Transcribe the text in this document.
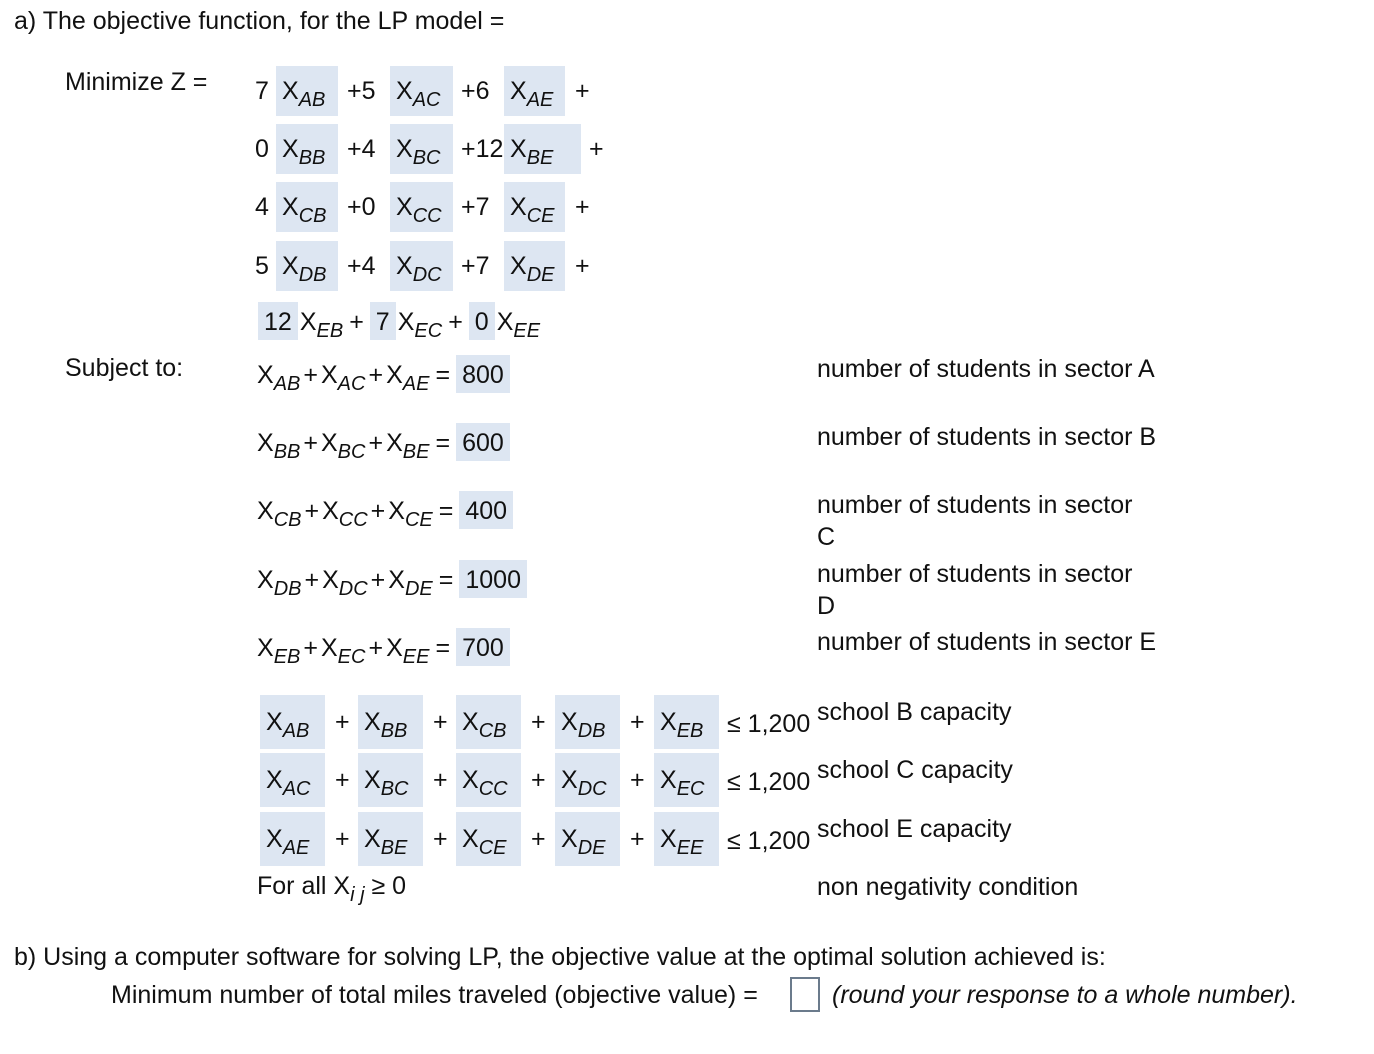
a) The objective function, for the LP model =
Minimize Z =
Subject to:
7 $X_{AB} +5$ $X_{AC} +6$ $X_{AE}$ +
0 $X_{BB} +4$ $X_{BC} +12$ $X_{BE}$	+
4 $X_{CB} +0$ $X_{CC} +7$ $X_{CE}$ +
5 $X_{DB} +4$ $X_{DC} +7$ $X_{DE}$ +
12 $X_{EB} + 7$ $X_{EC} + 0$ $X_{EE}$
$X_{AB} + X_{AC} + X_{AE} = 800$	number of students in sector A
$X_{BB} + X_{BC} + X_{BE} = 600$	number of students in sector B
$X_{CB} + X_{CC} + X_{CE} = 400$	number of students in sector C
$X_{DB} + X_{DC} + X_{DE} = 1000$	number of students in sector D
$X_{EB} + X_{EC} + X_{EE} = 700$	number of students in sector E
$X_{AB}$	+ $X_{BB}$	+ $X_{CB} + X_{DB} + X_{EB} \le 1,200$ school B capacity
$X_{AC} + X_{BC} + X_{CC} + X_{DC} + X_{EC} \le 1,200$ school C capacity
$X_{AE}$	+ $X_{BE}$	+ $X_{CE} + X_{DE} + X_{EE} \le 1,200$ school E capacity
For all $X_{i j} \ge 0$	non negativity condition
b) Using a computer software for solving LP, the objective value at the optimal solution achieved is:
Minimum number of total miles traveled (objective value) =	(round your response to a whole number).
